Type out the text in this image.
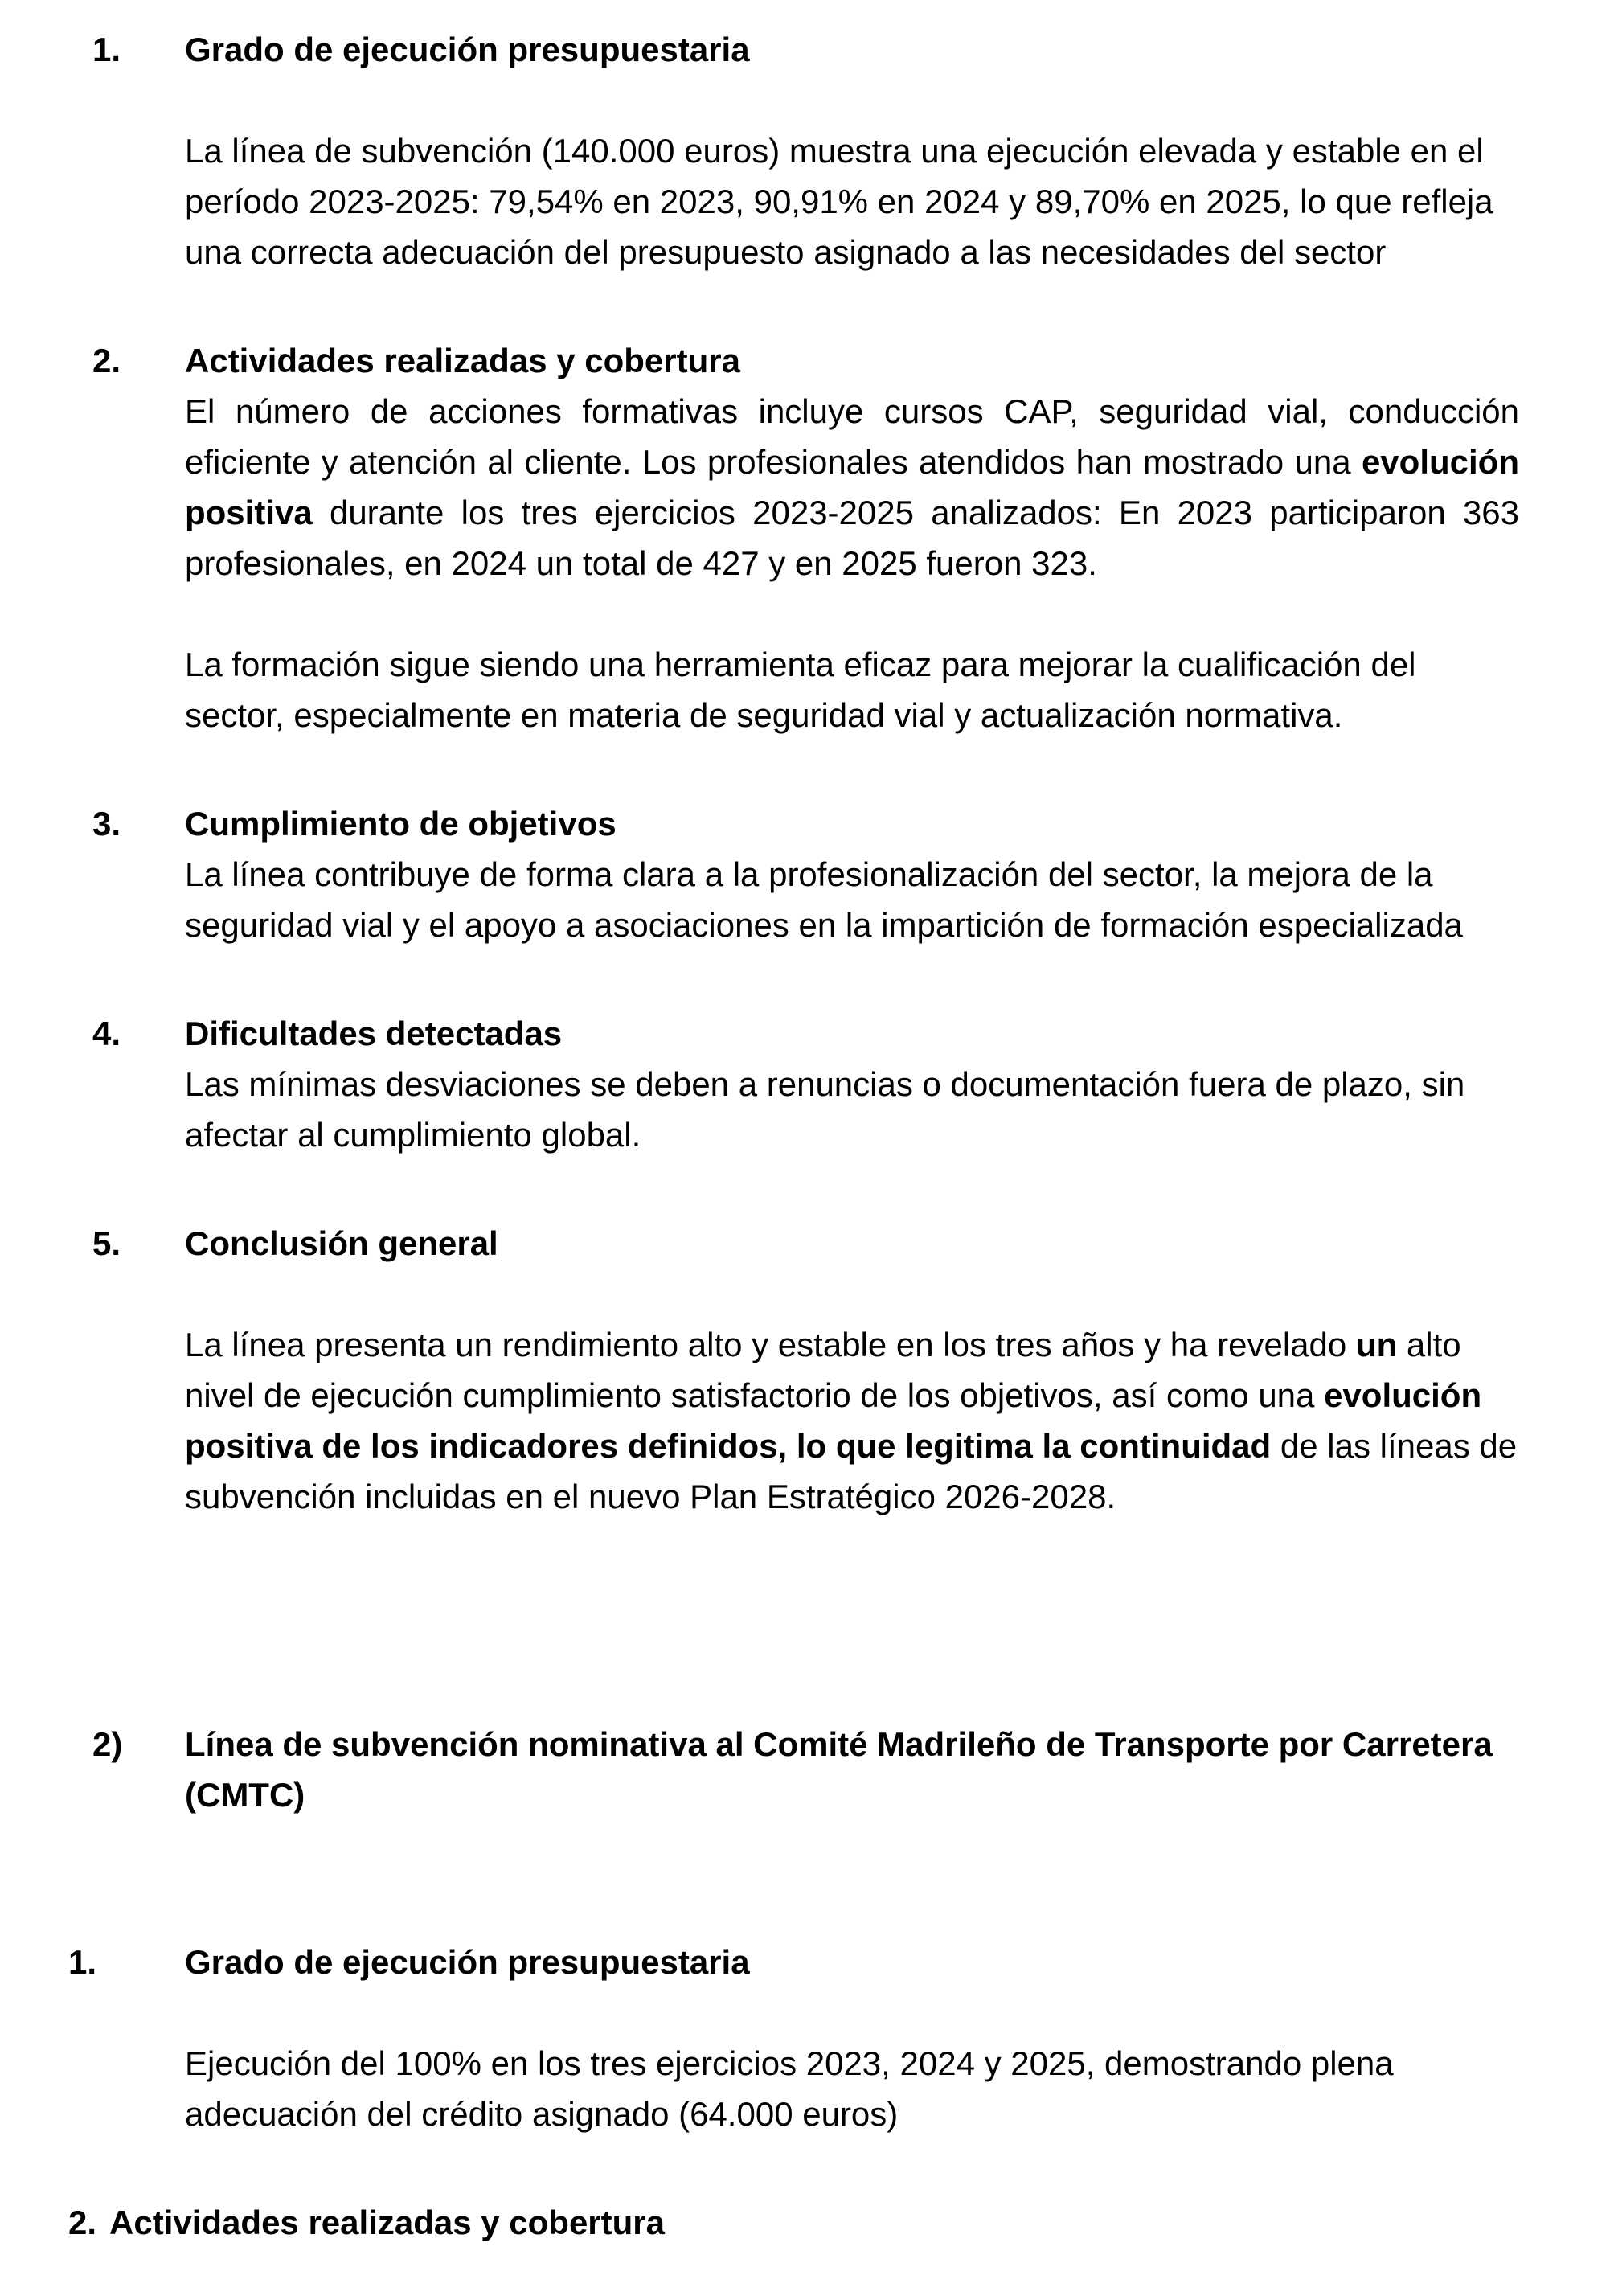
1.	Grado de ejecución presupuestaria

La línea de subvención (140.000 euros) muestra una ejecución elevada y estable en el período 2023-2025: 79,54% en 2023, 90,91% en 2024 y 89,70% en 2025, lo que refleja una correcta adecuación del presupuesto asignado a las necesidades del sector

2.	Actividades realizadas y cobertura

El número de acciones formativas incluye cursos CAP, seguridad vial, conducción eficiente y atención al cliente. Los profesionales atendidos han mostrado una evolución positiva durante los tres ejercicios 2023-2025 analizados: En 2023 participaron 363 profesionales, en 2024 un total de 427 y en 2025 fueron 323.

La formación sigue siendo una herramienta eficaz para mejorar la cualificación del sector, especialmente en materia de seguridad vial y actualización normativa.

3.	Cumplimiento de objetivos

La línea contribuye de forma clara a la profesionalización del sector, la mejora de la seguridad vial y el apoyo a asociaciones en la impartición de formación especializada

4.	Dificultades detectadas

Las mínimas desviaciones se deben a renuncias o documentación fuera de plazo, sin afectar al cumplimiento global.

5.	Conclusión general

La línea presenta un rendimiento alto y estable en los tres años y ha revelado un alto nivel de ejecución cumplimiento satisfactorio de los objetivos, así como una evolución positiva de los indicadores definidos, lo que legitima la continuidad de las líneas de subvención incluidas en el nuevo Plan Estratégico 2026-2028.

2)	Línea de subvención nominativa al Comité Madrileño de Transporte por Carretera (CMTC)
1.	Grado de ejecución presupuestaria

Ejecución del 100% en los tres ejercicios 2023, 2024 y 2025, demostrando plena adecuación del crédito asignado (64.000 euros)

2. Actividades realizadas y cobertura
